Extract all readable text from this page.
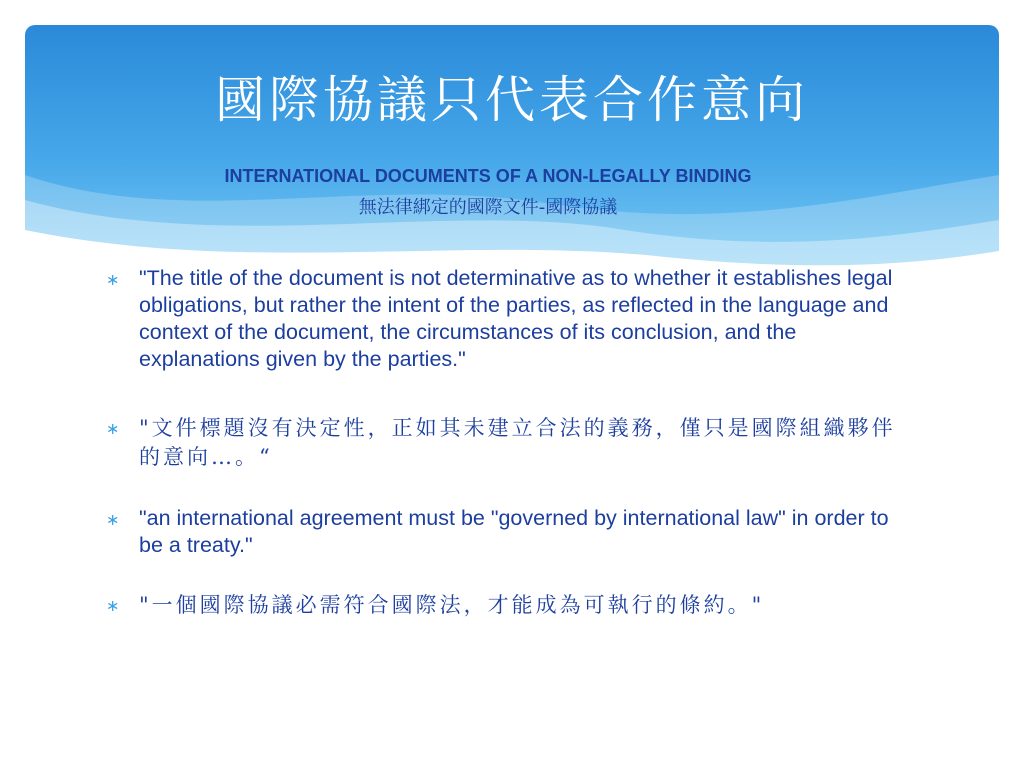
國際協議只代表合作意向
INTERNATIONAL DOCUMENTS OF A NON-LEGALLY BINDING
無法律綁定的國際文件-國際協議
∗ "The title of the document is not determinative as to whether it establishes legal obligations, but rather the intent of the parties, as reflected in the language and context of the document, the circumstances of its conclusion, and the explanations given by the parties."
∗ "文件標題沒有決定性，正如其未建立合法的義務，僅只是國際組織夥伴的意向…。“
∗ "an international agreement must be "governed by international law" in order to be a treaty."
∗ "一個國際協議必需符合國際法，才能成為可執行的條約。"
